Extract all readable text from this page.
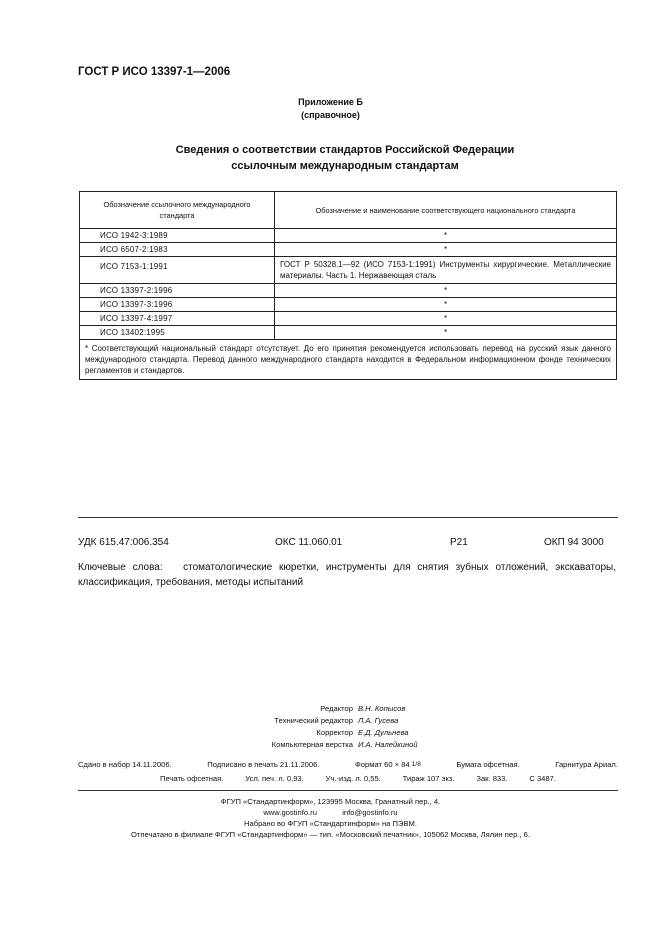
ГОСТ Р ИСО 13397-1—2006
Приложение Б
(справочное)
Сведения о соответствии стандартов Российской Федерации
ссылочным международным стандартам
Обозначение ссылочного международного стандарта	Обозначение и наименование соответствующего национального стандарта
ИСО 1942-3:1989	*
ИСО 6507-2:1983	*
ИСО 7153-1:1991	ГОСТ Р 50328.1—92 (ИСО 7153-1:1991) Инструменты хирургические. Металлические материалы. Часть 1. Нержавеющая сталь
ИСО 13397-2:1996	*
ИСО 13397-3:1996	*
ИСО 13397-4:1997	*
ИСО 13402:1995	*
* Соответствующий национальный стандарт отсутствует. До его принятия рекомендуется использовать перевод на русский язык данного международного стандарта. Перевод данного международного стандарта находится в Федеральном информационном фонде технических регламентов и стандартов.	
УДК 615.47:006.354	ОКС 11.060.01	Р21	ОКП 94 3000
Ключевые слова: стоматологические кюретки, инструменты для снятия зубных отложений, экскаваторы, классификация, требования, методы испытаний
Редактор В.Н. Копысов
Технический редактор Л.А. Гусева
Корректор Е.Д. Дульнева
Компьютерная верстка И.А. Налейкиной
Сдано в набор 14.11.2006.	Подписано в печать 21.11.2006.	Формат 60 × 84 1/8	Бумага офсетная.	Гарнитура Ариал.
Печать офсетная.	Усл. печ. л. 0,93.	Уч.-изд. л. 0,55.	Тираж 107 экз.	Зак. 833.	С 3487.
ФГУП «Стандартинформ», 123995 Москва, Гранатный пер., 4.
www.gostinfo.ru	info@gostinfo.ru
Набрано во ФГУП «Стандартинформ» на ПЭВМ.
Отпечатано в филиале ФГУП «Стандартинформ» — тип. «Московский печатник», 105062 Москва, Лялин пер., 6.
